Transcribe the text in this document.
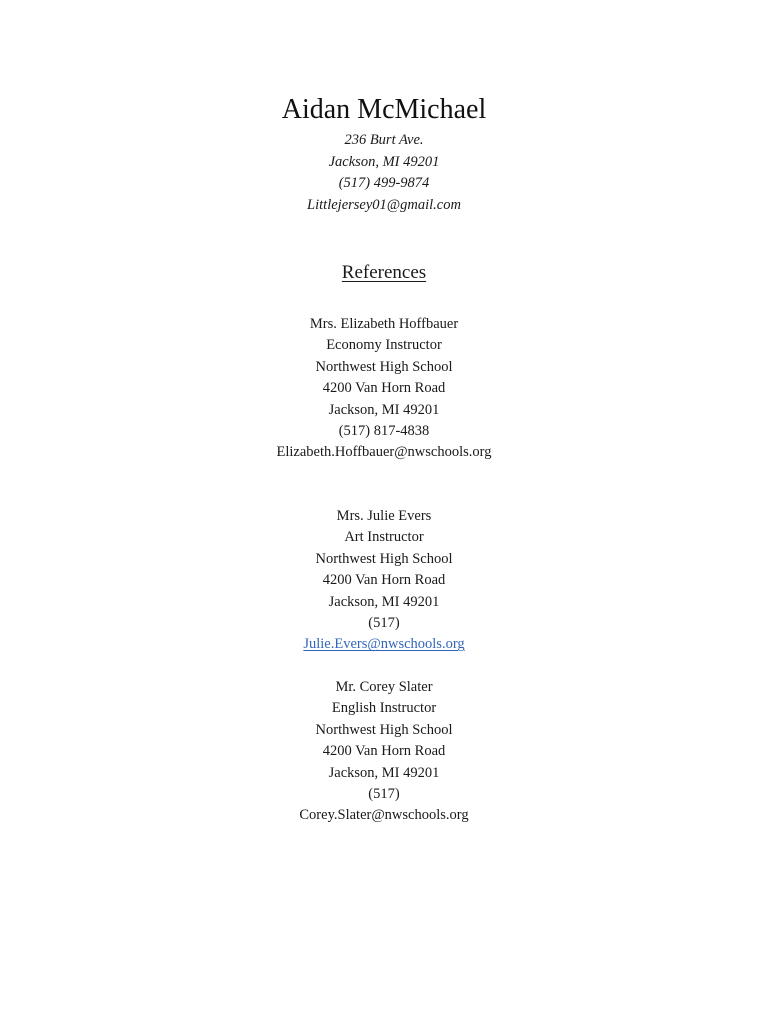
Aidan McMichael
236 Burt Ave.
Jackson, MI 49201
(517) 499-9874
Littlejersey01@gmail.com
References
Mrs. Elizabeth Hoffbauer
Economy Instructor
Northwest High School
4200 Van Horn Road
Jackson, MI 49201
(517) 817-4838
Elizabeth.Hoffbauer@nwschools.org
Mrs. Julie Evers
Art Instructor
Northwest High School
4200 Van Horn Road
Jackson, MI 49201
(517)
Julie.Evers@nwschools.org
Mr. Corey Slater
English Instructor
Northwest High School
4200 Van Horn Road
Jackson, MI 49201
(517)
Corey.Slater@nwschools.org
